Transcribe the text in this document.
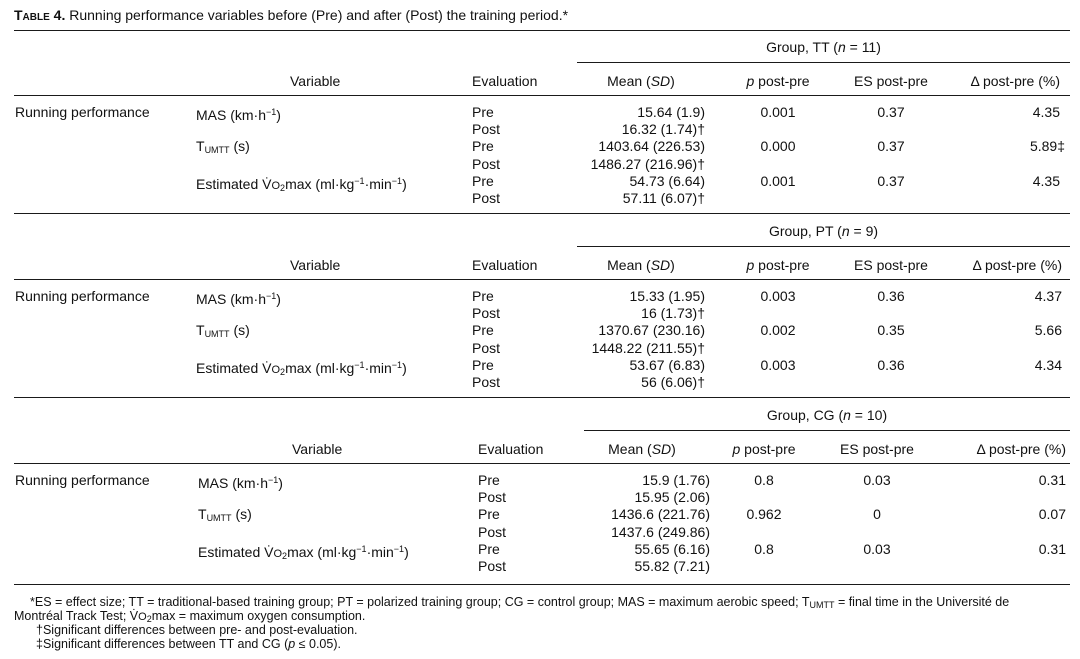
Table 4. Running performance variables before (Pre) and after (Post) the training period.*
Group, TT (n = 11)
Variable	Evaluation	Mean (SD)	p post-pre	ES post-pre	Δ post-pre (%)
Running performance	MAS $(km\cdot h^{-1})$	Pre	15.64 (1.9)	0.001	0.37	4.35
Post	16.32 (1.74)†
$T_{UMTT}$ (s)	Pre	1403.64 (226.53)	0.000	0.37	5.89‡
Post	1486.27 (216.96)†
Estimated $V̇O_2\max$ $(ml\cdot kg^{-1}\cdot\min^{-1})$	Pre	54.73 (6.64)	0.001	0.37	4.35
Post	57.11 (6.07)†
Group, PT (n = 9)
Variable	Evaluation	Mean (SD)	p post-pre	ES post-pre	Δ post-pre (%)
Running performance	MAS $(km\cdot h^{-1})$	Pre	15.33 (1.95)	0.003	0.36	4.37
Post	16 (1.73)†
$T_{UMTT}$ (s)	Pre	1370.67 (230.16)	0.002	0.35	5.66
Post	1448.22 (211.55)†
Estimated $V̇O_2\max$ $(ml\cdot kg^{-1}\cdot\min^{-1})$	Pre	53.67 (6.83)	0.003	0.36	4.34
Post	56 (6.06)†
Group, CG (n = 10)
Variable	Evaluation	Mean (SD)	p post-pre	ES post-pre	Δ post-pre (%)
Running performance	MAS $(km\cdot h^{-1})$	Pre	15.9 (1.76)	0.8	0.03	0.31
Post	15.95 (2.06)
$T_{UMTT}$ (s)	Pre	1436.6 (221.76)	0.962	0	0.07
Post	1437.6 (249.86)
Estimated $V̇O_2\max$ $(ml\cdot kg^{-1}\cdot\min^{-1})$	Pre	55.65 (6.16)	0.8	0.03	0.31
Post	55.82 (7.21)
*ES = effect size; TT = traditional-based training group; PT = polarized training group; CG = control group; MAS = maximum aerobic speed; $T_{UMTT}$ = final time in the Université de
Montréal Track Test; $V̇O_2\max$ = maximum oxygen consumption.
†Significant differences between pre- and post-evaluation.
‡Significant differences between TT and CG (p ≤ 0.05).
